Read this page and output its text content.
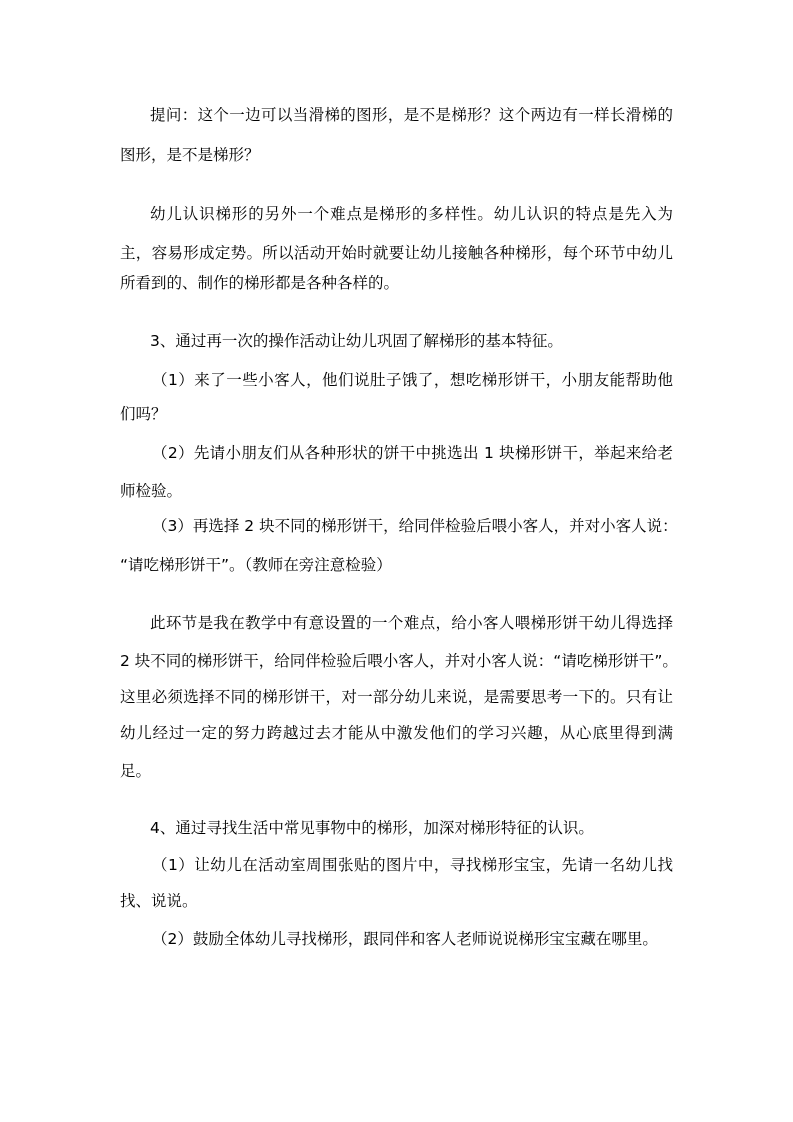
提问：这个一边可以当滑梯的图形，是不是梯形？这个两边有一样长滑梯的

图形，是不是梯形？

幼儿认识梯形的另外一个难点是梯形的多样性。幼儿认识的特点是先入为

主，容易形成定势。所以活动开始时就要让幼儿接触各种梯形，每个环节中幼儿

所看到的、制作的梯形都是各种各样的。

3、通过再一次的操作活动让幼儿巩固了解梯形的基本特征。

（1）来了一些小客人，他们说肚子饿了，想吃梯形饼干，小朋友能帮助他

们吗？

（2）先请小朋友们从各种形状的饼干中挑选出 1 块梯形饼干，举起来给老

师检验。

（3）再选择 2 块不同的梯形饼干，给同伴检验后喂小客人，并对小客人说：

“请吃梯形饼干”。（教师在旁注意检验）

此环节是我在教学中有意设置的一个难点，给小客人喂梯形饼干幼儿得选择

2 块不同的梯形饼干，给同伴检验后喂小客人，并对小客人说：“请吃梯形饼干”。

这里必须选择不同的梯形饼干，对一部分幼儿来说，是需要思考一下的。只有让

幼儿经过一定的努力跨越过去才能从中激发他们的学习兴趣，从心底里得到满

足。

4、通过寻找生活中常见事物中的梯形，加深对梯形特征的认识。

（1）让幼儿在活动室周围张贴的图片中，寻找梯形宝宝，先请一名幼儿找

找、说说。

（2）鼓励全体幼儿寻找梯形，跟同伴和客人老师说说梯形宝宝藏在哪里。
